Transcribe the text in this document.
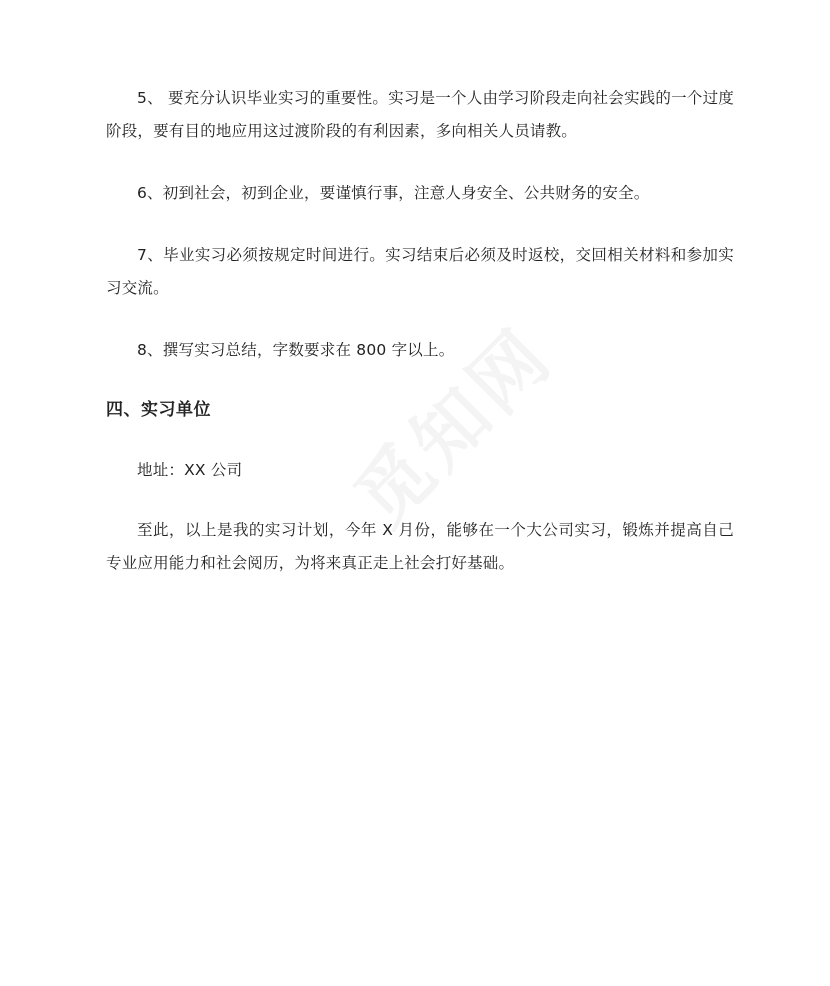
5、 要充分认识毕业实习的重要性。实习是一个人由学习阶段走向社会实践的一个过度阶段，要有目的地应用这过渡阶段的有利因素，多向相关人员请教。

6、初到社会，初到企业，要谨慎行事，注意人身安全、公共财务的安全。

7、毕业实习必须按规定时间进行。实习结束后必须及时返校，交回相关材料和参加实习交流。

8、撰写实习总结，字数要求在 800 字以上。

四、实习单位

地址：XX 公司

至此，以上是我的实习计划，今年 X 月份，能够在一个大公司实习，锻炼并提高自己专业应用能力和社会阅历，为将来真正走上社会打好基础。
